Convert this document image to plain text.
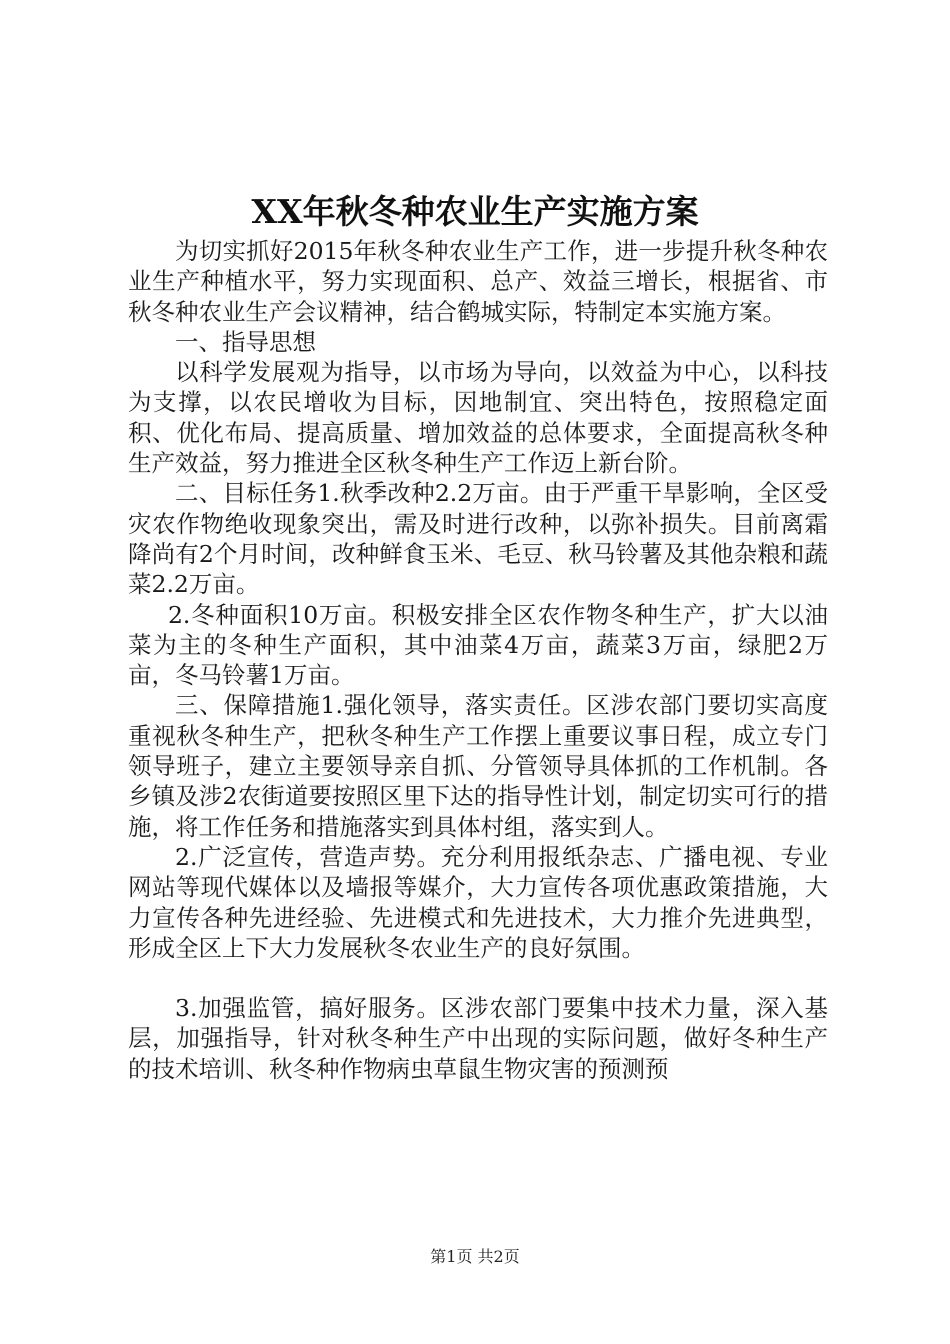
XX年秋冬种农业生产实施方案

为切实抓好2015年秋冬种农业生产工作，进一步提升秋冬种农业生产种植水平，努力实现面积、总产、效益三增长，根据省、市秋冬种农业生产会议精神，结合鹤城实际，特制定本实施方案。

一、指导思想

以科学发展观为指导，以市场为导向，以效益为中心，以科技为支撑，以农民增收为目标，因地制宜、突出特色，按照稳定面积、优化布局、提高质量、增加效益的总体要求，全面提高秋冬种生产效益，努力推进全区秋冬种生产工作迈上新台阶。

二、目标任务1.秋季改种2.2万亩。由于严重干旱影响，全区受灾农作物绝收现象突出，需及时进行改种，以弥补损失。目前离霜降尚有2个月时间，改种鲜食玉米、毛豆、秋马铃薯及其他杂粮和蔬菜2.2万亩。

2.冬种面积10万亩。积极安排全区农作物冬种生产，扩大以油菜为主的冬种生产面积，其中油菜4万亩，蔬菜3万亩，绿肥2万亩，冬马铃薯1万亩。

三、保障措施1.强化领导，落实责任。区涉农部门要切实高度重视秋冬种生产，把秋冬种生产工作摆上重要议事日程，成立专门领导班子，建立主要领导亲自抓、分管领导具体抓的工作机制。各乡镇及涉2农街道要按照区里下达的指导性计划，制定切实可行的措施，将工作任务和措施落实到具体村组，落实到人。

2.广泛宣传，营造声势。充分利用报纸杂志、广播电视、专业网站等现代媒体以及墙报等媒介，大力宣传各项优惠政策措施，大力宣传各种先进经验、先进模式和先进技术，大力推介先进典型，形成全区上下大力发展秋冬农业生产的良好氛围。

3.加强监管，搞好服务。区涉农部门要集中技术力量，深入基层，加强指导，针对秋冬种生产中出现的实际问题，做好冬种生产的技术培训、秋冬种作物病虫草鼠生物灾害的预测预

第1页 共2页
